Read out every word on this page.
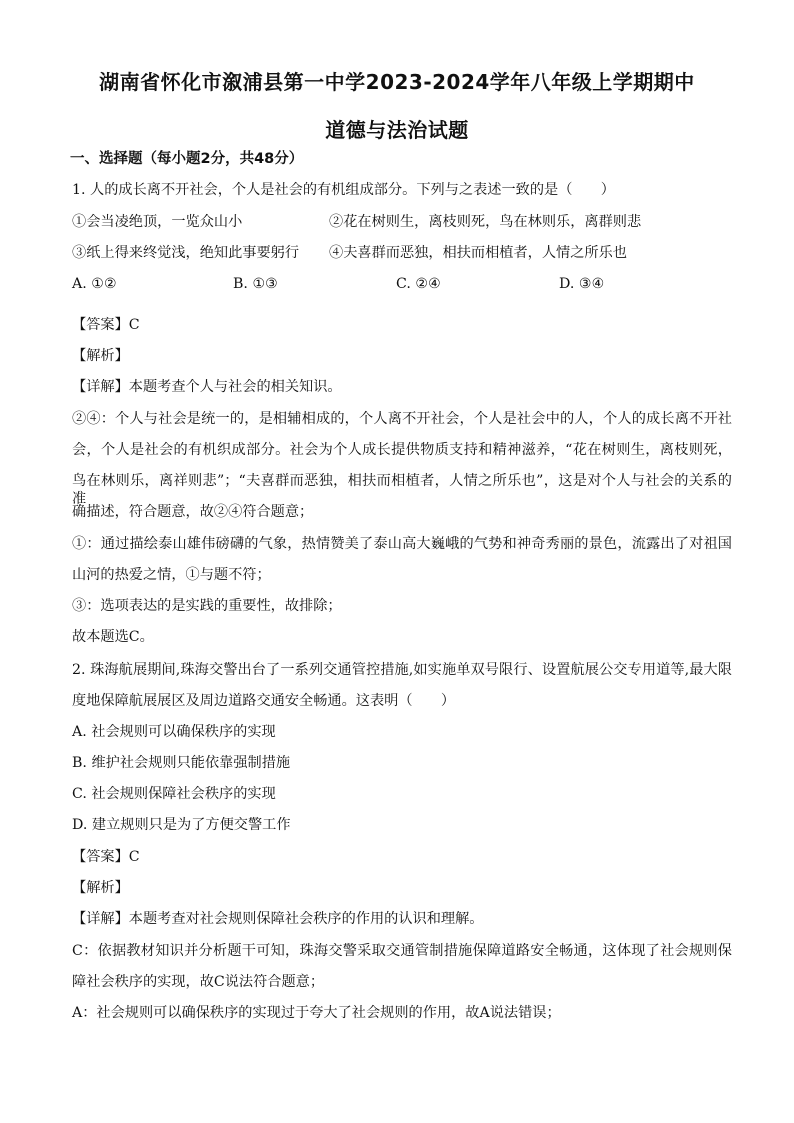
湖南省怀化市溆浦县第一中学2023-2024学年八年级上学期期中
道德与法治试题
一、选择题（每小题2分，共48分）
1. 人的成长离不开社会，个人是社会的有机组成部分。下列与之表述一致的是（　　）
①会当凌绝顶，一览众山小	②花在树则生，离枝则死，鸟在林则乐，离群则悲
③纸上得来终觉浅，绝知此事要躬行 ④夫喜群而恶独，相扶而相植者，人情之所乐也
A. ①②	B. ①③	C. ②④	D. ③④
【答案】C
【解析】
【详解】本题考查个人与社会的相关知识。
②④：个人与社会是统一的，是相辅相成的，个人离不开社会，个人是社会中的人，个人的成长离不开社
会，个人是社会的有机织成部分。社会为个人成长提供物质支持和精神滋养，“花在树则生，离枝则死，
鸟在林则乐，离祥则悲”；“夫喜群而恶独，相扶而相植者，人情之所乐也”，这是对个人与社会的关系的准
确描述，符合题意，故②④符合题意；
①：通过描绘泰山雄伟磅礴的气象，热情赞美了泰山高大巍峨的气势和神奇秀丽的景色，流露出了对祖国
山河的热爱之情，①与题不符；
③：选项表达的是实践的重要性，故排除；
故本题选C。
2. 珠海航展期间,珠海交警出台了一系列交通管控措施,如实施单双号限行、设置航展公交专用道等,最大限
度地保障航展展区及周边道路交通安全畅通。这表明（　　）
A. 社会规则可以确保秩序的实现
B. 维护社会规则只能依靠强制措施
C. 社会规则保障社会秩序的实现
D. 建立规则只是为了方便交警工作
【答案】C
【解析】
【详解】本题考查对社会规则保障社会秩序的作用的认识和理解。
C：依据教材知识并分析题干可知，珠海交警采取交通管制措施保障道路安全畅通，这体现了社会规则保
障社会秩序的实现，故C说法符合题意；
A：社会规则可以确保秩序的实现过于夸大了社会规则的作用，故A说法错误；
